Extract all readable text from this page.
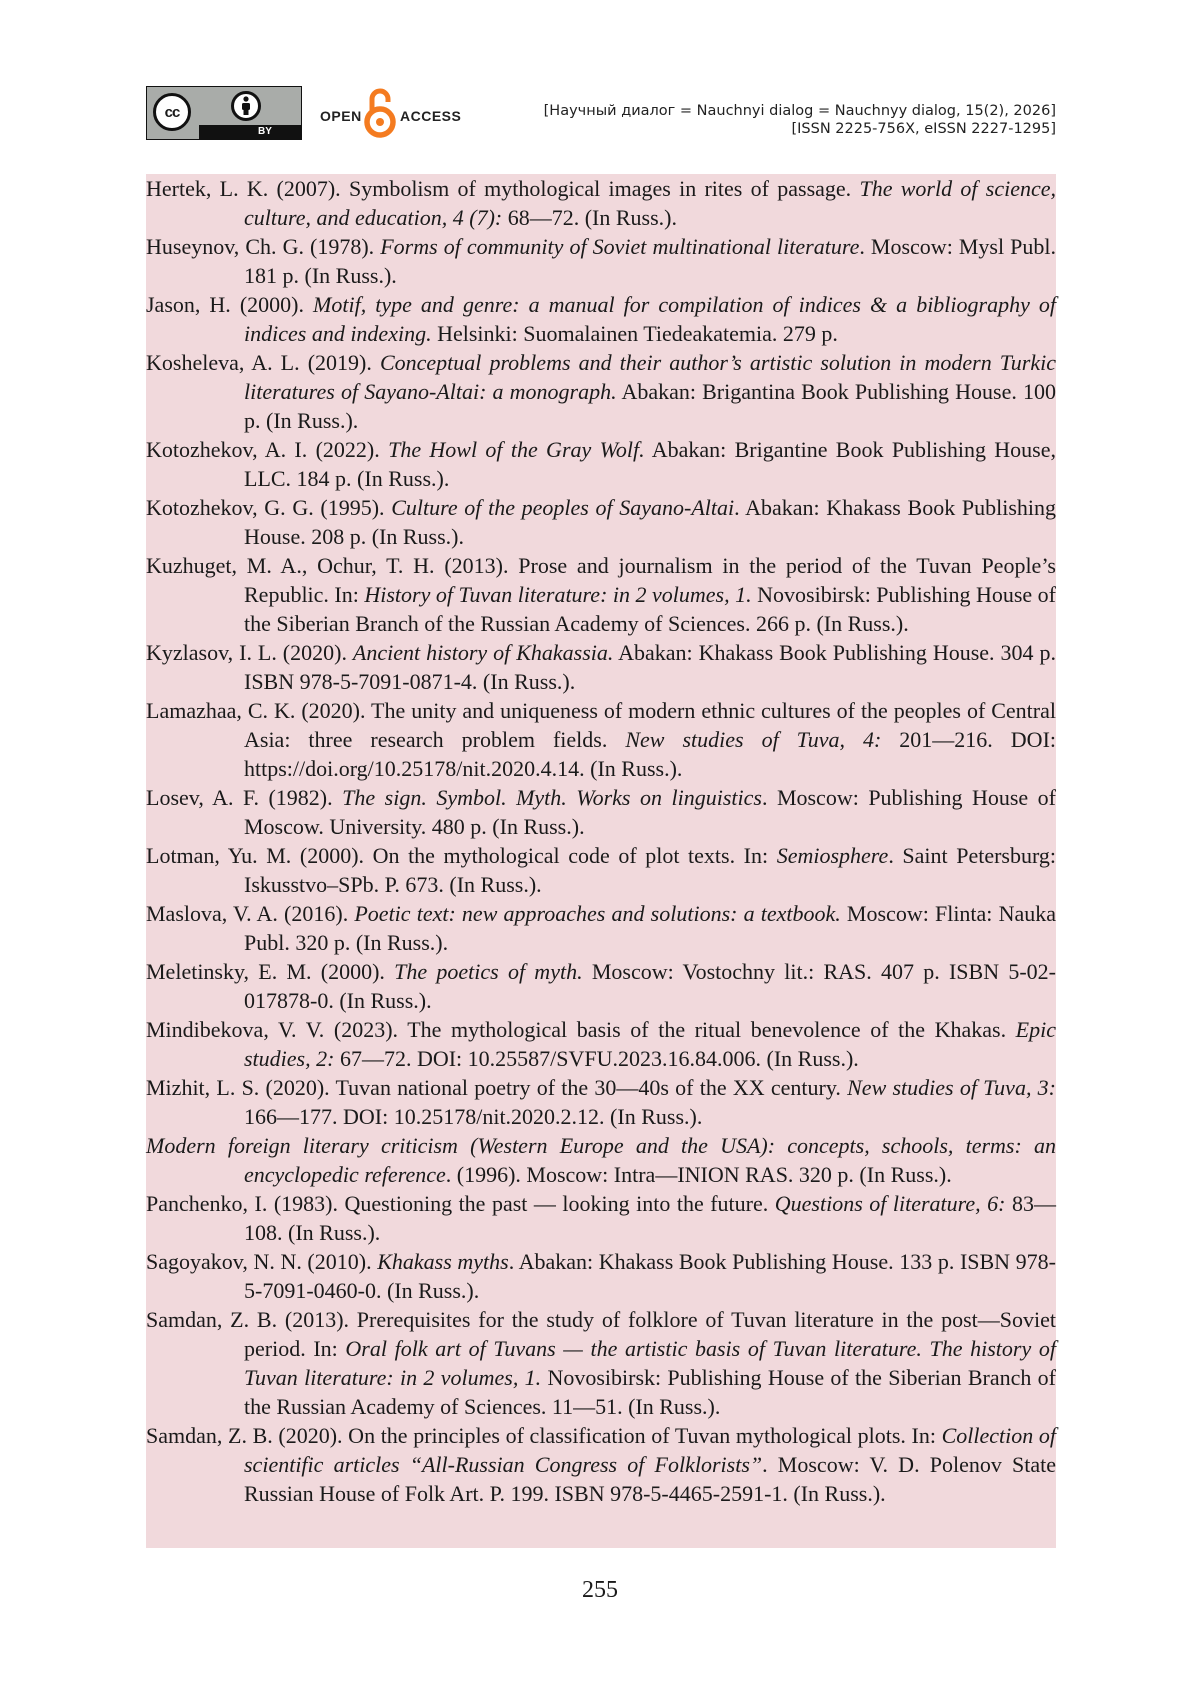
cc
BY
OPEN	ACCESS	[Научный диалог = Nauchnyi dialog = Nauchnyy dialog, 15(2), 2026]
[ISSN 2225-756X, eISSN 2227-1295]

Hertek, L. K. (2007). Symbolism of mythological images in rites of passage. The world of science, culture, and education, 4 (7): 68—72. (In Russ.).

Huseynov, Ch. G. (1978). Forms of community of Soviet multinational literature. Moscow: Mysl Publ. 181 p. (In Russ.).

Jason, H. (2000). Motif, type and genre: a manual for compilation of indices & a bibliography of indices and indexing. Helsinki: Suomalainen Tiedeakatemia. 279 p.

Kosheleva, A. L. (2019). Conceptual problems and their author’s artistic solution in modern Turkic literatures of Sayano-Altai: a monograph. Abakan: Brigantina Book Publishing House. 100 p. (In Russ.).

Kotozhekov, A. I. (2022). The Howl of the Gray Wolf. Abakan: Brigantine Book Publishing House, LLC. 184 p. (In Russ.).

Kotozhekov, G. G. (1995). Culture of the peoples of Sayano-Altai. Abakan: Khakass Book Publishing House. 208 p. (In Russ.).

Kuzhuget, M. A., Ochur, T. H. (2013). Prose and journalism in the period of the Tuvan People’s Republic. In: History of Tuvan literature: in 2 volumes, 1. Novosibirsk: Publishing House of the Siberian Branch of the Russian Academy of Sciences. 266 p. (In Russ.).

Kyzlasov, I. L. (2020). Ancient history of Khakassia. Abakan: Khakass Book Publishing House. 304 p. ISBN 978-5-7091-0871-4. (In Russ.).

Lamazhaa, C. K. (2020). The unity and uniqueness of modern ethnic cultures of the peoples of Central Asia: three research problem fields. New studies of Tuva, 4: 201—216. DOI: https://doi.org/10.25178/nit.2020.4.14. (In Russ.).

Losev, A. F. (1982). The sign. Symbol. Myth. Works on linguistics. Moscow: Publishing House of Moscow. University. 480 p. (In Russ.).

Lotman, Yu. M. (2000). On the mythological code of plot texts. In: Semiosphere. Saint Petersburg: Iskusstvo–SPb. P. 673. (In Russ.).

Maslova, V. A. (2016). Poetic text: new approaches and solutions: a textbook. Moscow: Flinta: Nauka Publ. 320 p. (In Russ.).

Meletinsky, E. M. (2000). The poetics of myth. Moscow: Vostochny lit.: RAS. 407 p. ISBN 5-02-017878-0. (In Russ.).

Mindibekova, V. V. (2023). The mythological basis of the ritual benevolence of the Khakas. Epic studies, 2: 67—72. DOI: 10.25587/SVFU.2023.16.84.006. (In Russ.).

Mizhit, L. S. (2020). Tuvan national poetry of the 30—40s of the XX century. New studies of Tuva, 3: 166—177. DOI: 10.25178/nit.2020.2.12. (In Russ.).

Modern foreign literary criticism (Western Europe and the USA): concepts, schools, terms: an encyclopedic reference. (1996). Moscow: Intra—INION RAS. 320 p. (In Russ.).

Panchenko, I. (1983). Questioning the past — looking into the future. Questions of literature, 6: 83—108. (In Russ.).

Sagoyakov, N. N. (2010). Khakass myths. Abakan: Khakass Book Publishing House. 133 p. ISBN 978-5-7091-0460-0. (In Russ.).

Samdan, Z. B. (2013). Prerequisites for the study of folklore of Tuvan literature in the post—Soviet period. In: Oral folk art of Tuvans — the artistic basis of Tuvan literature. The history of Tuvan literature: in 2 volumes, 1. Novosibirsk: Publishing House of the Siberian Branch of the Russian Academy of Sciences. 11—51. (In Russ.).

Samdan, Z. B. (2020). On the principles of classification of Tuvan mythological plots. In: Collection of scientific articles “All-Russian Congress of Folklorists”. Moscow: V. D. Polenov State Russian House of Folk Art. P. 199. ISBN 978-5-4465-2591-1. (In Russ.).

255
